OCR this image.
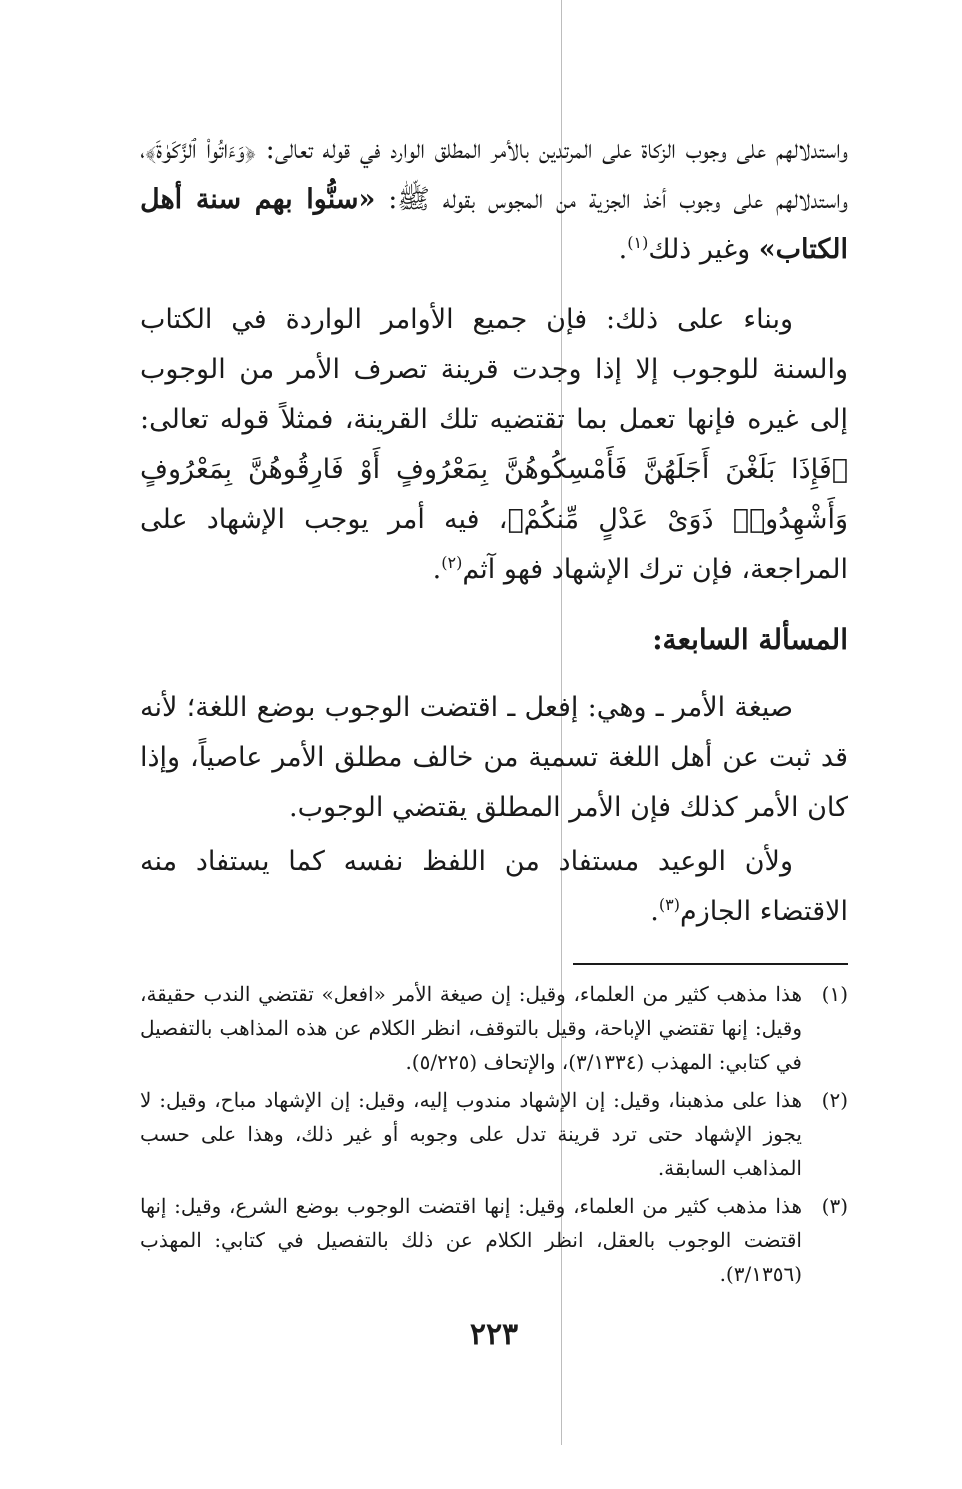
واستدلالهم على وجوب الزكاة على المرتدين بالأمر المطلق الوارد في قوله تعالى: ﴿وَءَاتُوا۟ ٱلزَّكَوٰةَ﴾، واستدلالهم على وجوب أخذ الجزية من المجوس بقوله ﷺ: «سنُّوا بهم سنة أهل الكتاب» وغير ذلك$^{(١)}$.

وبناء على ذلك: فإن جميع الأوامر الواردة في الكتاب والسنة للوجوب إلا إذا وجدت قرينة تصرف الأمر من الوجوب إلى غيره فإنها تعمل بما تقتضيه تلك القرينة، فمثلاً قوله تعالى: ﴿فَإِذَا بَلَغْنَ أَجَلَهُنَّ فَأَمْسِكُوهُنَّ بِمَعْرُوفٍ أَوْ فَارِقُوهُنَّ بِمَعْرُوفٍ وَأَشْهِدُوا۟ ذَوَىْ عَدْلٍ مِّنكُمْ﴾، فيه أمر يوجب الإشهاد على المراجعة، فإن ترك الإشهاد فهو آثم$^{(٢)}$.

المسألة السابعة:

صيغة الأمر ـ وهي: إفعل ـ اقتضت الوجوب بوضع اللغة؛ لأنه قد ثبت عن أهل اللغة تسمية من خالف مطلق الأمر عاصياً، وإذا كان الأمر كذلك فإن الأمر المطلق يقتضي الوجوب.

ولأن الوعيد مستفاد من اللفظ نفسه كما يستفاد منه الاقتضاء الجازم$^{(٣)}$.

(١)
هذا مذهب كثير من العلماء، وقيل: إن صيغة الأمر «افعل» تقتضي الندب حقيقة، وقيل: إنها تقتضي الإباحة، وقيل بالتوقف، انظر الكلام عن هذه المذاهب بالتفصيل في كتابي: المهذب (٣/١٣٣٤)، والإتحاف (٥/٢٢٥).
(٢)
هذا على مذهبنا، وقيل: إن الإشهاد مندوب إليه، وقيل: إن الإشهاد مباح، وقيل: لا يجوز الإشهاد حتى ترد قرينة تدل على وجوبه أو غير ذلك، وهذا على حسب المذاهب السابقة.
(٣)
هذا مذهب كثير من العلماء، وقيل: إنها اقتضت الوجوب بوضع الشرع، وقيل: إنها اقتضت الوجوب بالعقل، انظر الكلام عن ذلك بالتفصيل في كتابي: المهذب (٣/١٣٥٦).
٢٢٣
